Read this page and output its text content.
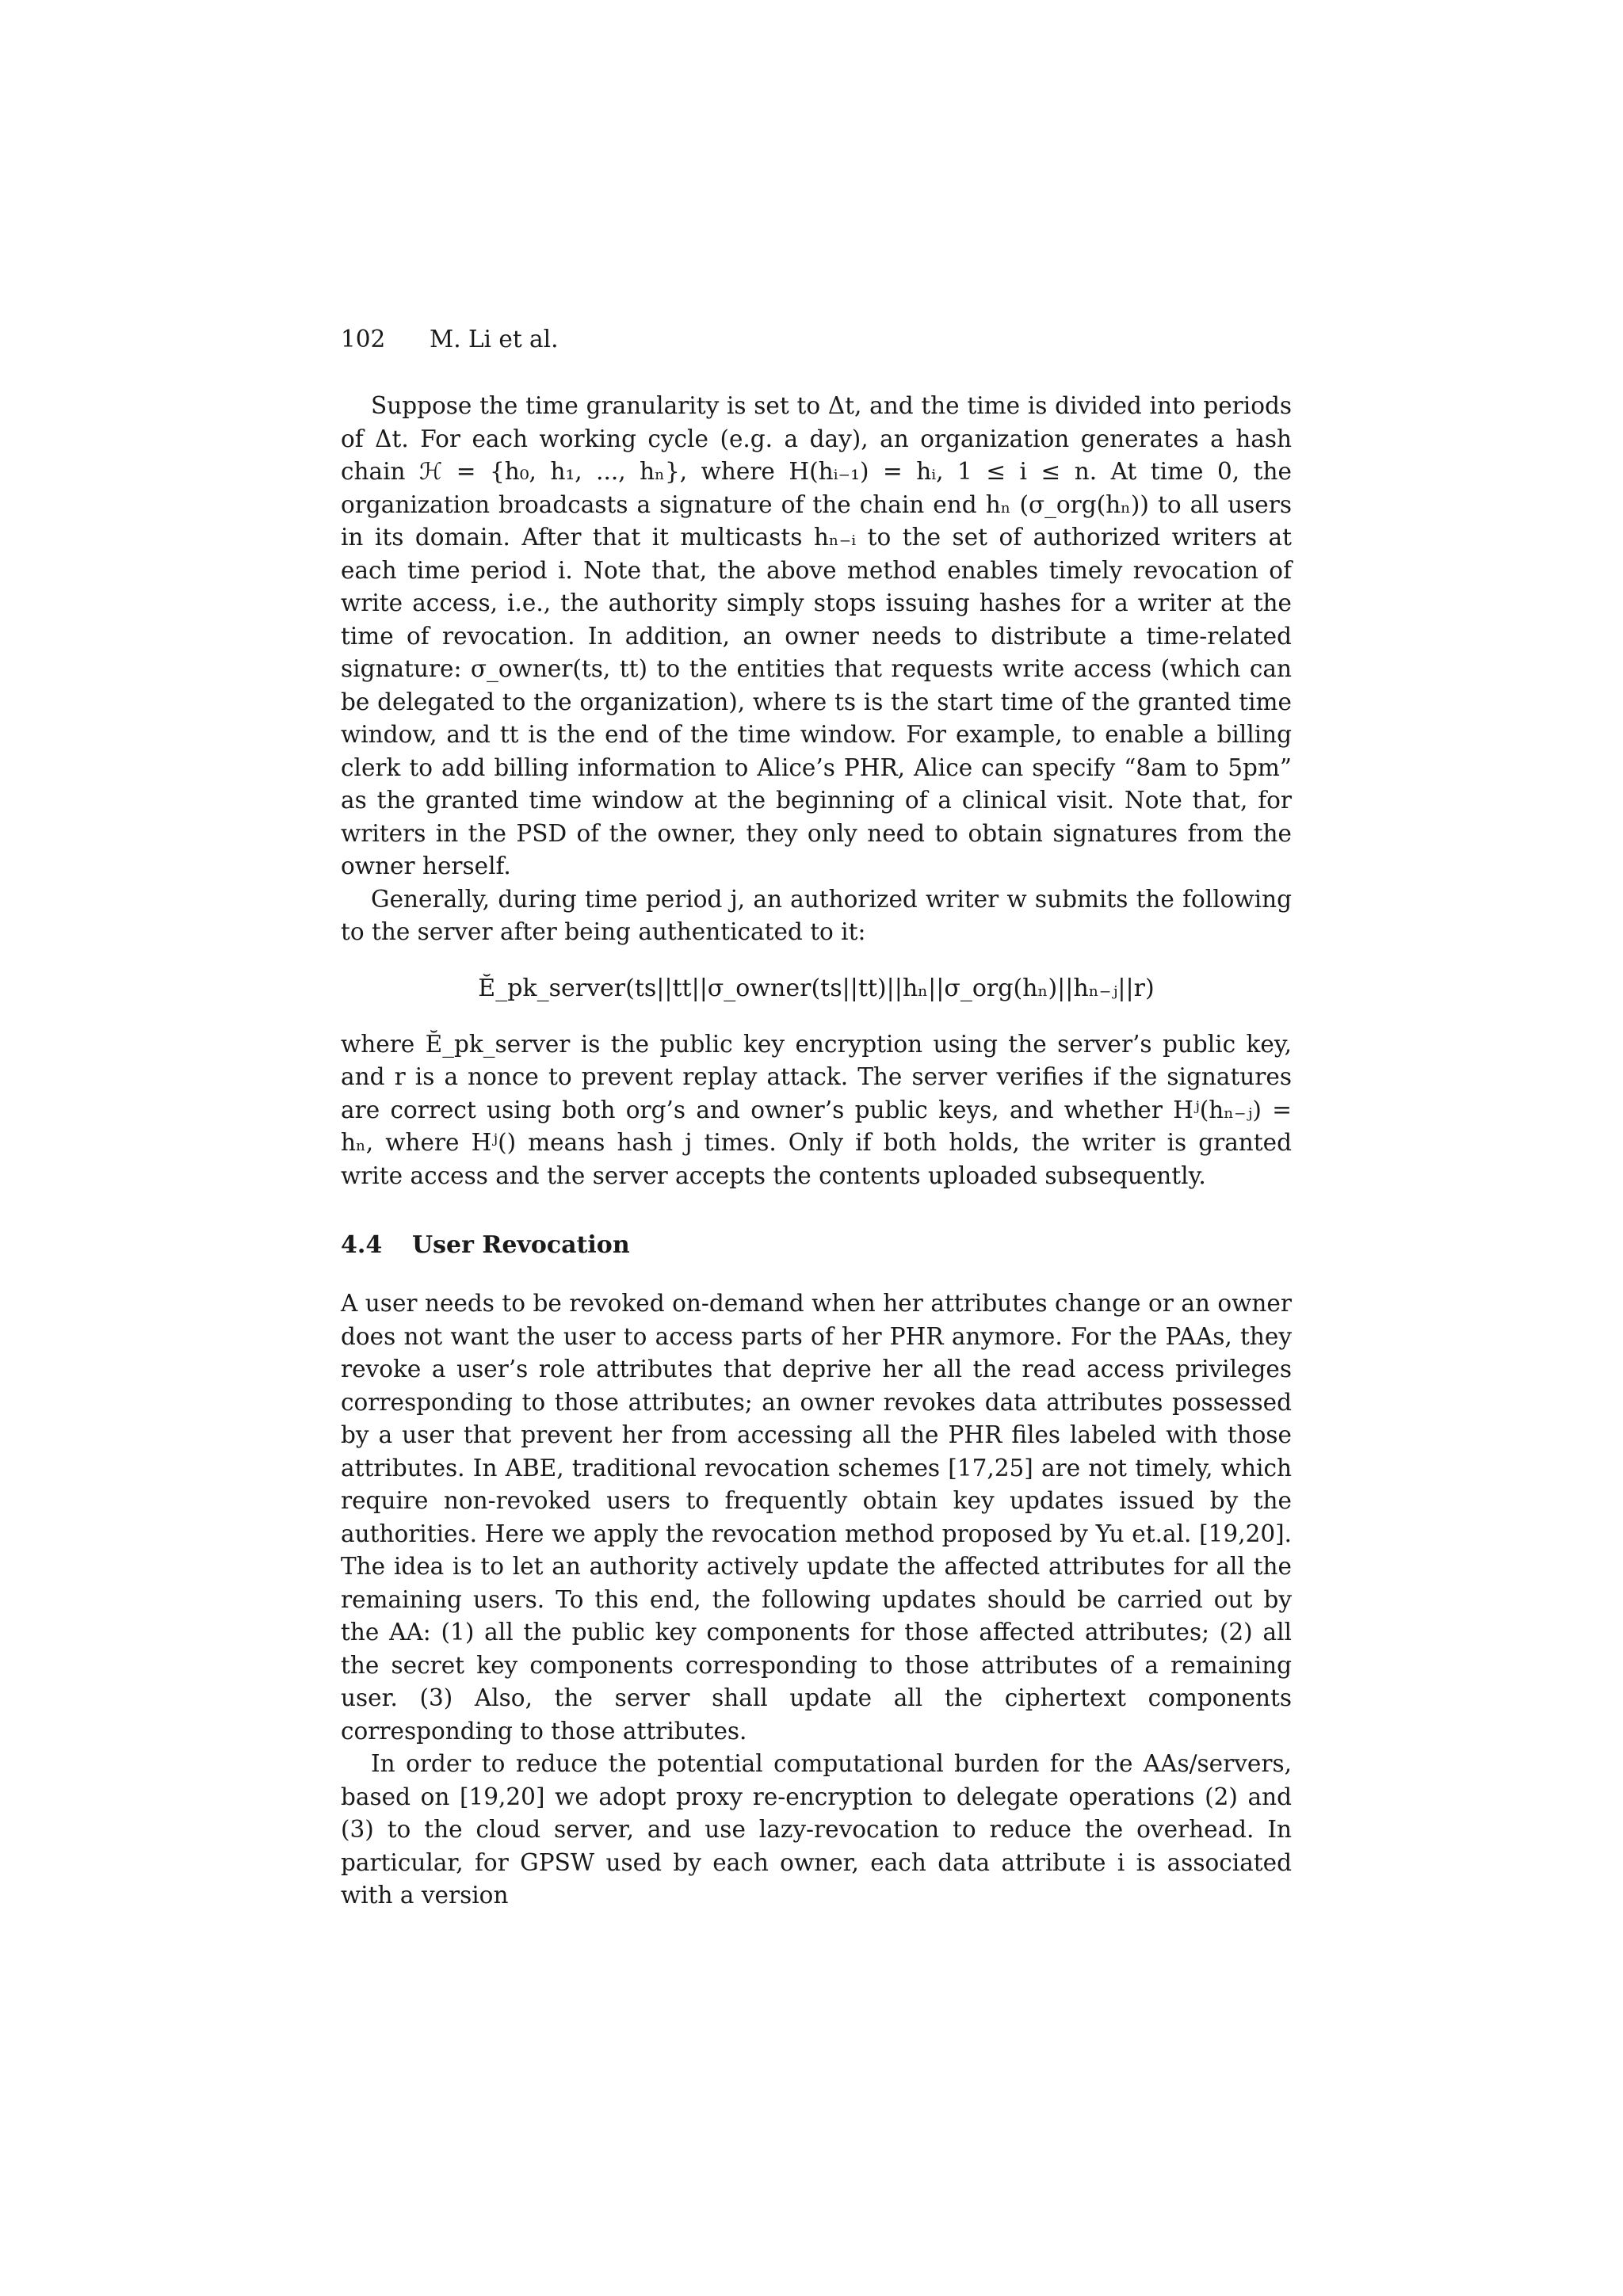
102 M. Li et al.

Suppose the time granularity is set to Δt, and the time is divided into periods of Δt. For each working cycle (e.g. a day), an organization generates a hash chain ℋ = {h₀, h₁, ..., hₙ}, where H(hᵢ₋₁) = hᵢ, 1 ≤ i ≤ n. At time 0, the organization broadcasts a signature of the chain end hₙ (σ_org(hₙ)) to all users in its domain. After that it multicasts hₙ₋ᵢ to the set of authorized writers at each time period i. Note that, the above method enables timely revocation of write access, i.e., the authority simply stops issuing hashes for a writer at the time of revocation. In addition, an owner needs to distribute a time-related signature: σ_owner(ts, tt) to the entities that requests write access (which can be delegated to the organization), where ts is the start time of the granted time window, and tt is the end of the time window. For example, to enable a billing clerk to add billing information to Alice’s PHR, Alice can specify “8am to 5pm” as the granted time window at the beginning of a clinical visit. Note that, for writers in the PSD of the owner, they only need to obtain signatures from the owner herself.

Generally, during time period j, an authorized writer w submits the following to the server after being authenticated to it:

Ĕ_pk_server(ts||tt||σ_owner(ts||tt)||hₙ||σ_org(hₙ)||hₙ₋ⱼ||r)

where Ĕ_pk_server is the public key encryption using the server’s public key, and r is a nonce to prevent replay attack. The server verifies if the signatures are correct using both org’s and owner’s public keys, and whether Hʲ(hₙ₋ⱼ) = hₙ, where Hʲ() means hash j times. Only if both holds, the writer is granted write access and the server accepts the contents uploaded subsequently.

4.4 User Revocation

A user needs to be revoked on-demand when her attributes change or an owner does not want the user to access parts of her PHR anymore. For the PAAs, they revoke a user’s role attributes that deprive her all the read access privileges corresponding to those attributes; an owner revokes data attributes possessed by a user that prevent her from accessing all the PHR files labeled with those attributes. In ABE, traditional revocation schemes [17,25] are not timely, which require non-revoked users to frequently obtain key updates issued by the authorities. Here we apply the revocation method proposed by Yu et.al. [19,20]. The idea is to let an authority actively update the affected attributes for all the remaining users. To this end, the following updates should be carried out by the AA: (1) all the public key components for those affected attributes; (2) all the secret key components corresponding to those attributes of a remaining user. (3) Also, the server shall update all the ciphertext components corresponding to those attributes.

In order to reduce the potential computational burden for the AAs/servers, based on [19,20] we adopt proxy re-encryption to delegate operations (2) and (3) to the cloud server, and use lazy-revocation to reduce the overhead. In particular, for GPSW used by each owner, each data attribute i is associated with a version
